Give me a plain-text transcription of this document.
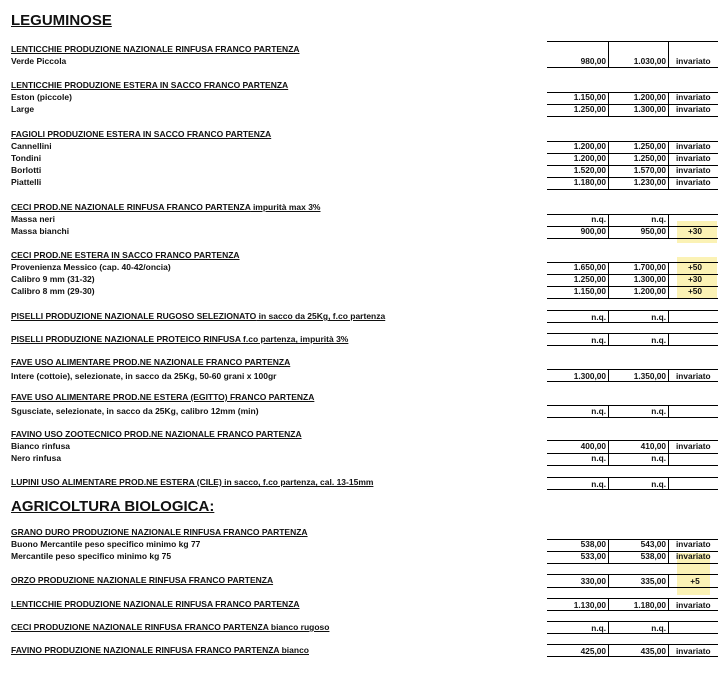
LEGUMINOSE
AGRICOLTURA BIOLOGICA:
LENTICCHIE PRODUZIONE NAZIONALE RINFUSA FRANCO PARTENZA
Verde Piccola	980,00	1.030,00 invariato
LENTICCHIE PRODUZIONE ESTERA IN SACCO FRANCO PARTENZA
Eston (piccole)	1.150,00	1.200,00 invariato
Large	1.250,00	1.300,00 invariato
FAGIOLI PRODUZIONE ESTERA IN SACCO FRANCO PARTENZA
Cannellini	1.200,00	1.250,00 invariato
Tondini	1.200,00	1.250,00 invariato
Borlotti	1.520,00	1.570,00 invariato
Piattelli	1.180,00	1.230,00 invariato
CECI PROD.NE NAZIONALE RINFUSA FRANCO PARTENZA impurità max 3%
Massa neri	n.q.	n.q.
Massa bianchi	900,00	950,00	+30
CECI PROD.NE ESTERA IN SACCO FRANCO PARTENZA
Provenienza Messico (cap. 40-42/oncia)	1.650,00	1.700,00	+50
Calibro 9 mm (31-32)	1.250,00	1.300,00	+30
Calibro 8 mm (29-30)	1.150,00	1.200,00	+50
PISELLI PRODUZIONE NAZIONALE RUGOSO SELEZIONATO in sacco da 25Kg, f.co partenza	n.q.	n.q.
PISELLI PRODUZIONE NAZIONALE PROTEICO RINFUSA f.co partenza, impurità 3%	n.q.	n.q.
FAVE USO ALIMENTARE PROD.NE NAZIONALE FRANCO PARTENZA
Intere (cottoie), selezionate, in sacco da 25Kg, 50-60 grani x 100gr	1.300,00	1.350,00 invariato
FAVE USO ALIMENTARE PROD.NE ESTERA (EGITTO) FRANCO PARTENZA
Sgusciate, selezionate, in sacco da 25Kg, calibro 12mm (min)	n.q.	n.q.
FAVINO USO ZOOTECNICO PROD.NE NAZIONALE FRANCO PARTENZA
Bianco rinfusa	400,00	410,00 invariato
Nero rinfusa	n.q.	n.q.
LUPINI USO ALIMENTARE PROD.NE ESTERA (CILE) in sacco, f.co partenza, cal. 13-15mm	n.q.	n.q.
GRANO DURO PRODUZIONE NAZIONALE RINFUSA FRANCO PARTENZA
Buono Mercantile peso specifico minimo kg 77	538,00	543,00 invariato
Mercantile peso specifico minimo kg 75	533,00	538,00 invariato
ORZO PRODUZIONE NAZIONALE RINFUSA FRANCO PARTENZA	330,00	335,00	+5
LENTICCHIE PRODUZIONE NAZIONALE RINFUSA FRANCO PARTENZA	1.130,00	1.180,00 invariato
CECI PRODUZIONE NAZIONALE RINFUSA FRANCO PARTENZA bianco rugoso	n.q.	n.q.
FAVINO PRODUZIONE NAZIONALE RINFUSA FRANCO PARTENZA bianco	425,00	435,00 invariato
